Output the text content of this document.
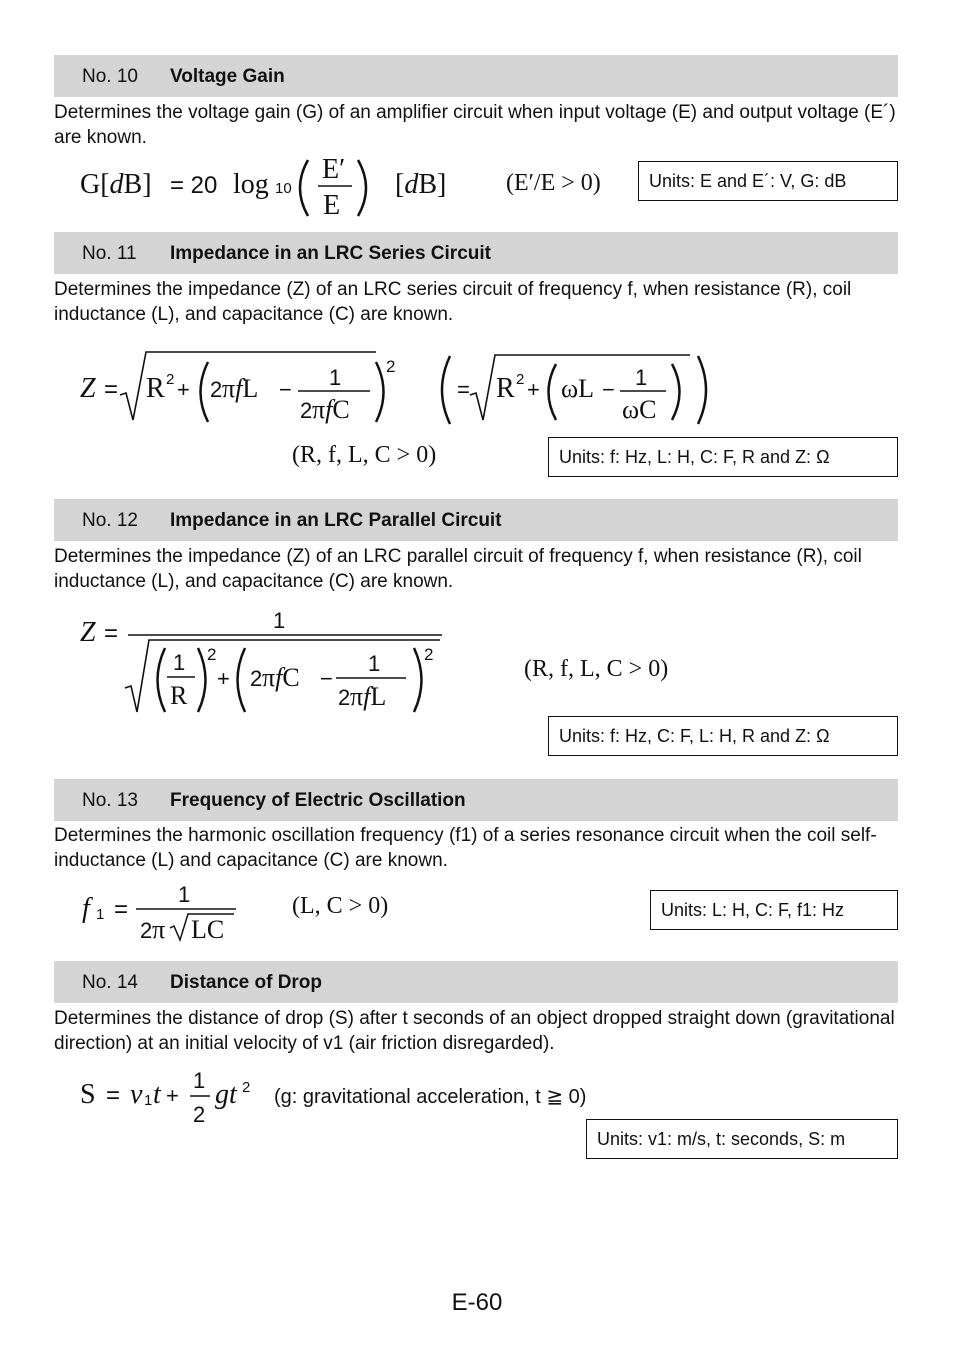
No. 10 Voltage Gain
Determines the voltage gain (G) of an amplifier circuit when input voltage (E) and output voltage (E´) are known.
G[dB] = 20 log 10
E′
E
[dB] (E′/E > 0)	Units: E and E´: V, G: dB
No. 11 Impedance in an LRC Series Circuit
Determines the impedance (Z) of an LRC series circuit of frequency f, when resistance (R), coil inductance (L), and capacitance (C) are known.
Z = R 2 + 2 πfL − 1
2 πfC
2
= R 2 + ωL − 1
ωC
(R, f, L, C > 0)	Units: f: Hz, L: H, C: F, R and Z: Ω
No. 12 Impedance in an LRC Parallel Circuit
Determines the impedance (Z) of an LRC parallel circuit of frequency f, when resistance (R), coil inductance (L), and capacitance (C) are known.
Z =	1
1
R
2
+ 2 πfC −
1
2 πfL
2
(R, f, L, C > 0)
Units: f: Hz, C: F, L: H, R and Z: Ω
No. 13 Frequency of Electric Oscillation
Determines the harmonic oscillation frequency (f1) of a series resonance circuit when the coil self-inductance (L) and capacitance (C) are known.
f 1 =
1
2 π LC
(L, C > 0)	Units: L: H, C: F, f1: Hz
No. 14 Distance of Drop
Determines the distance of drop (S) after t seconds of an object dropped straight down (gravitational direction) at an initial velocity of v1 (air friction disregarded).
S = v 1 t +
1
2
gt 2 (g: gravitational acceleration, t ≧ 0)
Units: v1: m/s, t: seconds, S: m
E-60
